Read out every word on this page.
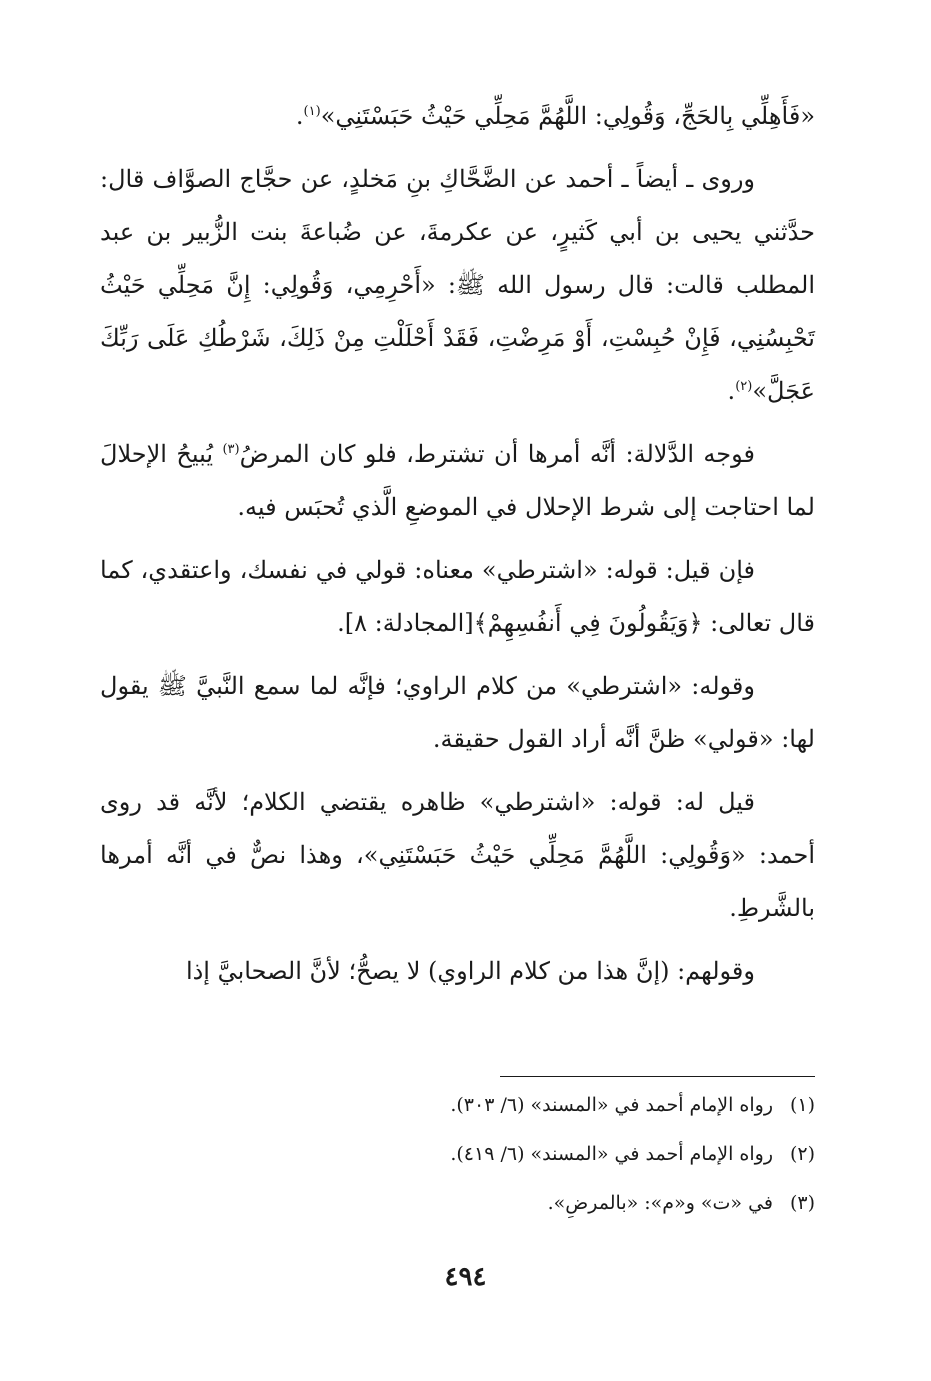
«فَأَهِلِّي بِالحَجِّ، وَقُولِي: اللَّهُمَّ مَحِلِّي حَيْثُ حَبَسْتَنِي»$^{(١)}$.

وروى ـ أيضاً ـ أحمد عن الضَّحَّاكِ بنِ مَخلدٍ، عن حجَّاج الصوَّاف قال: حدَّثني يحيى بن أبي كَثيرٍ، عن عكرمةَ، عن ضُباعةَ بنت الزُّبير بن عبد المطلب قالت: قال رسول الله ﷺ: «أَحْرِمِي، وَقُولِي: إِنَّ مَحِلِّي حَيْثُ تَحْبِسُنِي، فَإِنْ حُبِسْتِ، أَوْ مَرِضْتِ، فَقَدْ أَحْلَلْتِ مِنْ ذَلِكَ، شَرْطُكِ عَلَى رَبِّكَ عَجَلَّ»$^{(٢)}$.

فوجه الدَّلالة: أنَّه أمرها أن تشترط، فلو كان المرضُ$^{(٣)}$ يُبيحُ الإحلالَ لما احتاجت إلى شرط الإحلال في الموضعِ الَّذي تُحبَس فيه.

فإن قيل: قوله: «اشترطي» معناه: قولي في نفسك، واعتقدي، كما قال تعالى: ﴿وَيَقُولُونَ فِي أَنفُسِهِمْ﴾[المجادلة: ٨].

وقوله: «اشترطي» من كلام الراوي؛ فإنَّه لما سمع النَّبيَّ ﷺ يقول لها: «قولي» ظنَّ أنَّه أراد القول حقيقة.

قيل له: قوله: «اشترطي» ظاهره يقتضي الكلام؛ لأنَّه قد روى أحمد: «وَقُولِي: اللَّهُمَّ مَحِلِّي حَيْثُ حَبَسْتَنِي»، وهذا نصٌّ في أنَّه أمرها بالشَّرطِ.

وقولهم: (إنَّ هذا من كلام الراوي) لا يصحُّ؛ لأنَّ الصحابيَّ إذا

(١)
رواه الإمام أحمد في «المسند» (٦/ ٣٠٣).
(٢)
رواه الإمام أحمد في «المسند» (٦/ ٤١٩).
(٣)
في «ت» و«م»: «بالمرضِ».
٤٩٤
